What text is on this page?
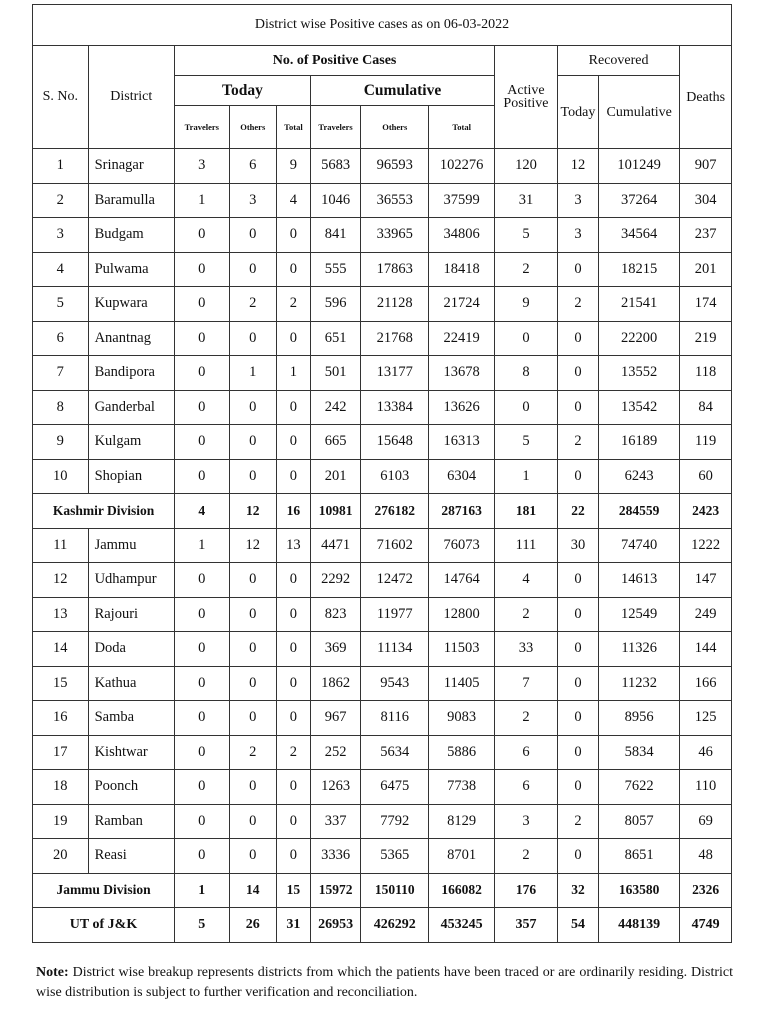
District wise Positive cases as on 06-03-2022											
S. No.	District	No. of Positive Cases						Active Positive	Recovered		Deaths
		Today			Cumulative				Today	Cumulative	
		Travelers	Others	Total	Travelers	Others	Total				
1	Srinagar	3	6	9	5683	96593	102276	120	12	101249	907
2	Baramulla	1	3	4	1046	36553	37599	31	3	37264	304
3	Budgam	0	0	0	841	33965	34806	5	3	34564	237
4	Pulwama	0	0	0	555	17863	18418	2	0	18215	201
5	Kupwara	0	2	2	596	21128	21724	9	2	21541	174
6	Anantnag	0	0	0	651	21768	22419	0	0	22200	219
7	Bandipora	0	1	1	501	13177	13678	8	0	13552	118
8	Ganderbal	0	0	0	242	13384	13626	0	0	13542	84
9	Kulgam	0	0	0	665	15648	16313	5	2	16189	119
10	Shopian	0	0	0	201	6103	6304	1	0	6243	60
Kashmir Division		4	12	16	10981	276182	287163	181	22	284559	2423
11	Jammu	1	12	13	4471	71602	76073	111	30	74740	1222
12	Udhampur	0	0	0	2292	12472	14764	4	0	14613	147
13	Rajouri	0	0	0	823	11977	12800	2	0	12549	249
14	Doda	0	0	0	369	11134	11503	33	0	11326	144
15	Kathua	0	0	0	1862	9543	11405	7	0	11232	166
16	Samba	0	0	0	967	8116	9083	2	0	8956	125
17	Kishtwar	0	2	2	252	5634	5886	6	0	5834	46
18	Poonch	0	0	0	1263	6475	7738	6	0	7622	110
19	Ramban	0	0	0	337	7792	8129	3	2	8057	69
20	Reasi	0	0	0	3336	5365	8701	2	0	8651	48
Jammu Division		1	14	15	15972	150110	166082	176	32	163580	2326
UT of J&K		5	26	31	26953	426292	453245	357	54	448139	4749
Note: District wise breakup represents districts from which the patients have been traced or are ordinarily residing. District wise distribution is subject to further verification and reconciliation.
